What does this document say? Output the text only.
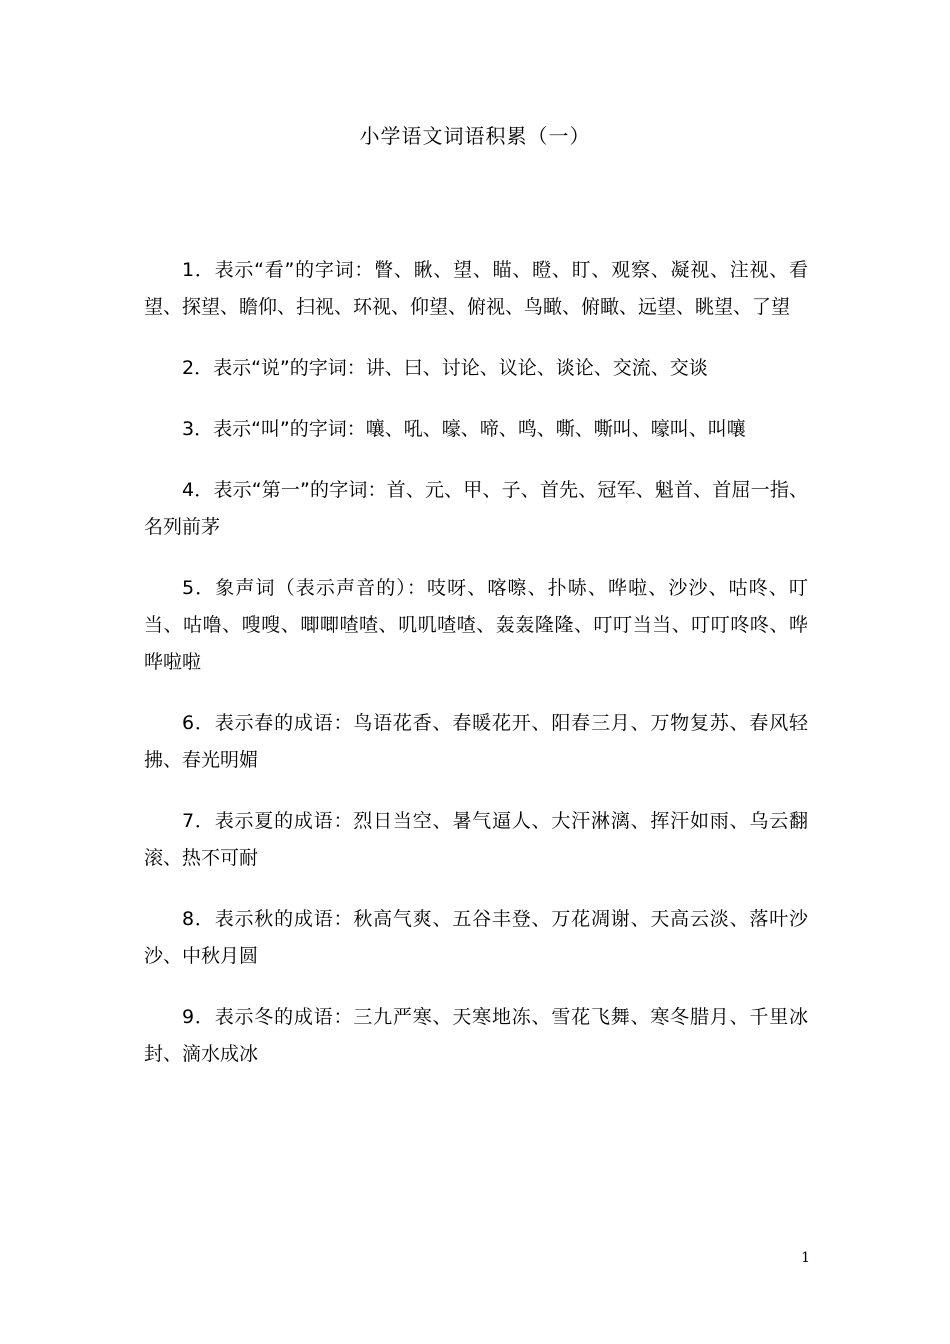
小学语文词语积累（一）

1．表示“看”的字词：瞥、瞅、望、瞄、瞪、盯、观察、凝视、注视、看望、探望、瞻仰、扫视、环视、仰望、俯视、鸟瞰、俯瞰、远望、眺望、了望

2．表示“说”的字词：讲、曰、讨论、议论、谈论、交流、交谈

3．表示“叫”的字词：嚷、吼、嚎、啼、鸣、嘶、嘶叫、嚎叫、叫嚷

4．表示“第一”的字词：首、元、甲、子、首先、冠军、魁首、首屈一指、名列前茅

5．象声词（表示声音的）：吱呀、喀嚓、扑哧、哗啦、沙沙、咕咚、叮当、咕噜、嗖嗖、唧唧喳喳、叽叽喳喳、轰轰隆隆、叮叮当当、叮叮咚咚、哗哗啦啦

6．表示春的成语：鸟语花香、春暖花开、阳春三月、万物复苏、春风轻拂、春光明媚

7．表示夏的成语：烈日当空、暑气逼人、大汗淋漓、挥汗如雨、乌云翻滚、热不可耐

8．表示秋的成语：秋高气爽、五谷丰登、万花凋谢、天高云淡、落叶沙沙、中秋月圆

9．表示冬的成语：三九严寒、天寒地冻、雪花飞舞、寒冬腊月、千里冰封、滴水成冰

1
